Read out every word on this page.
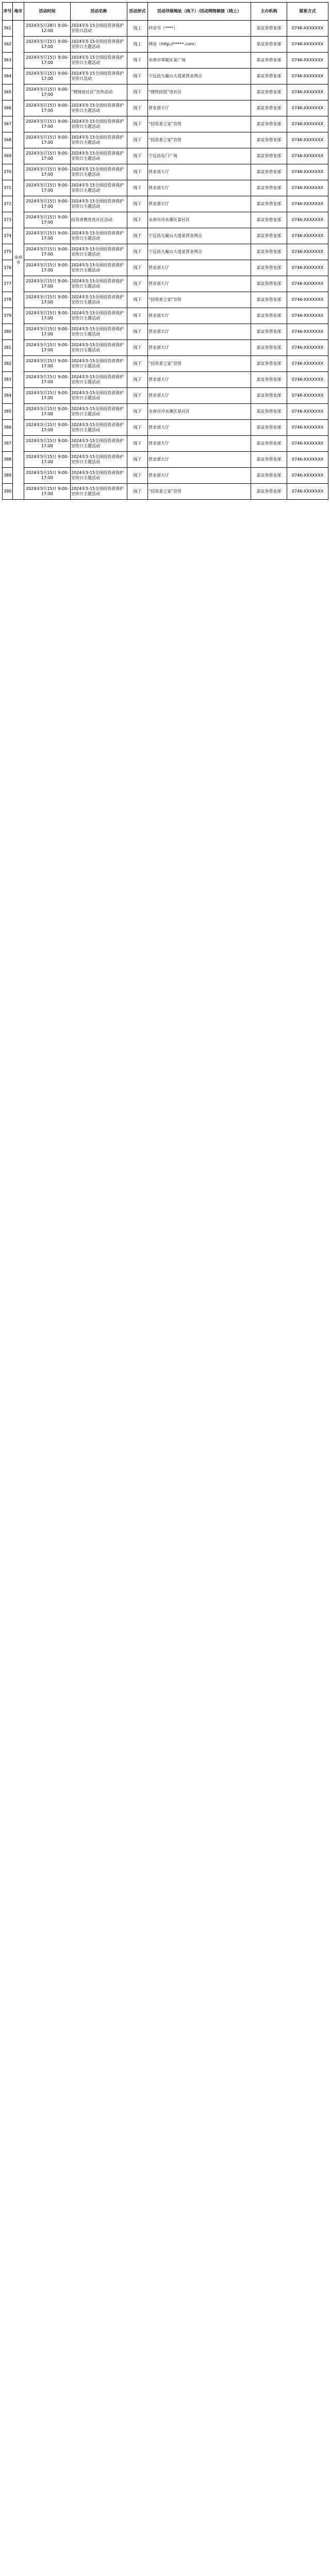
序号	地市	活动时间	活动名称	活动形式	活动详细地址（线下）/活动网络链接（线上）	主办机构	联系方式
361	永州市	2024年5月28日 9:00-12:00	2024年5·15全国投资者保护宣传日活动	线上	抖音号（****）	某证券营业部	0746-XXXXXXX
362		2024年5月15日 9:00-17:00	2024年5·15全国投资者保护宣传日主题活动	线上	网站（http://*****.com）	某证券营业部	0746-XXXXXXX
363		2024年5月15日 9:00-17:00	2024年5·15全国投资者保护宣传日主题活动	线下	永州市零陵区某广场	某证券营业部	0746-XXXXXXX
364		2024年5月15日 9:00-17:00	2024年5·15全国投资者保护宣传日活动	线下	宁远县九嶷山大道某营业网点	某证券营业部	0746-XXXXXXX
365		2024年5月15日 9:00-17:00	“理财进社区”宣传活动	线下	“理性投资”进社区	某证券营业部	0746-XXXXXXX
366		2024年5月15日 9:00-17:00	2024年5·15全国投资者保护宣传日主题活动	线下	营业部大厅	某证券营业部	0746-XXXXXXX
367		2024年5月15日 9:00-17:00	2024年5·15全国投资者保护宣传日主题活动	线下	“投资者之家”宣传	某证券营业部	0746-XXXXXXX
368		2024年5月15日 9:00-17:00	2024年5·15全国投资者保护宣传日主题活动	线下	“投资者之家”宣传	某证券营业部	0746-XXXXXXX
369		2024年5月15日 9:00-17:00	2024年5·15全国投资者保护宣传日主题活动	线下	宁远县东门广场	某证券营业部	0746-XXXXXXX
370		2024年5月15日 9:00-17:00	2024年5·15全国投资者保护宣传日主题活动	线下	营业部大厅	某证券营业部	0746-XXXXXXX
371		2024年5月15日 9:00-17:00	2024年5·15全国投资者保护宣传日主题活动	线下	营业部大厅	某证券营业部	0746-XXXXXXX
372		2024年5月15日 9:00-17:00	2024年5·15全国投资者保护宣传日主题活动	线下	营业部大厅	某证券营业部	0746-XXXXXXX
373		2024年5月15日 9:00-17:00	投资者教育进社区活动	线下	永州市冷水滩区某社区	某证券营业部	0746-XXXXXXX
374		2024年5月15日 9:00-17:00	2024年5·15全国投资者保护宣传日主题活动	线下	宁远县九嶷山大道某营业网点	某证券营业部	0746-XXXXXXX
375		2024年5月15日 9:00-17:00	2024年5·15全国投资者保护宣传日主题活动	线下	宁远县九嶷山大道某营业网点	某证券营业部	0746-XXXXXXX
376		2024年5月15日 9:00-17:00	2024年5·15全国投资者保护宣传日主题活动	线下	营业部大厅	某证券营业部	0746-XXXXXXX
377		2024年5月15日 9:00-17:00	2024年5·15全国投资者保护宣传日主题活动	线下	营业部大厅	某证券营业部	0746-XXXXXXX
378		2024年5月15日 9:00-17:00	2024年5·15全国投资者保护宣传日主题活动	线下	“投资者之家”宣传	某证券营业部	0746-XXXXXXX
379		2024年5月15日 9:00-17:00	2024年5·15全国投资者保护宣传日主题活动	线下	营业部大厅	某证券营业部	0746-XXXXXXX
380		2024年5月15日 9:00-17:00	2024年5·15全国投资者保护宣传日主题活动	线下	营业部大厅	某证券营业部	0746-XXXXXXX
381		2024年5月15日 9:00-17:00	2024年5·15全国投资者保护宣传日主题活动	线下	营业部大厅	某证券营业部	0746-XXXXXXX
382		2024年5月15日 9:00-17:00	2024年5·15全国投资者保护宣传日主题活动	线下	“投资者之家”宣传	某证券营业部	0746-XXXXXXX
383		2024年5月15日 9:00-17:00	2024年5·15全国投资者保护宣传日主题活动	线下	营业部大厅	某证券营业部	0746-XXXXXXX
384		2024年5月15日 9:00-17:00	2024年5·15全国投资者保护宣传日主题活动	线下	营业部大厅	某证券营业部	0746-XXXXXXX
385		2024年5月15日 9:00-17:00	2024年5·15全国投资者保护宣传日主题活动	线下	永州市冷水滩区某社区	某证券营业部	0746-XXXXXXX
386		2024年5月15日 9:00-17:00	2024年5·15全国投资者保护宣传日主题活动	线下	营业部大厅	某证券营业部	0746-XXXXXXX
387		2024年5月15日 9:00-17:00	2024年5·15全国投资者保护宣传日主题活动	线下	营业部大厅	某证券营业部	0746-XXXXXXX
388		2024年5月15日 9:00-17:00	2024年5·15全国投资者保护宣传日主题活动	线下	营业部大厅	某证券营业部	0746-XXXXXXX
389		2024年5月15日 9:00-17:00	2024年5·15全国投资者保护宣传日主题活动	线下	营业部大厅	某证券营业部	0746-XXXXXXX
390		2024年5月15日 9:00-17:00	2024年5·15全国投资者保护宣传日主题活动	线下	“投资者之家”宣传	某证券营业部	0746-XXXXXXX
